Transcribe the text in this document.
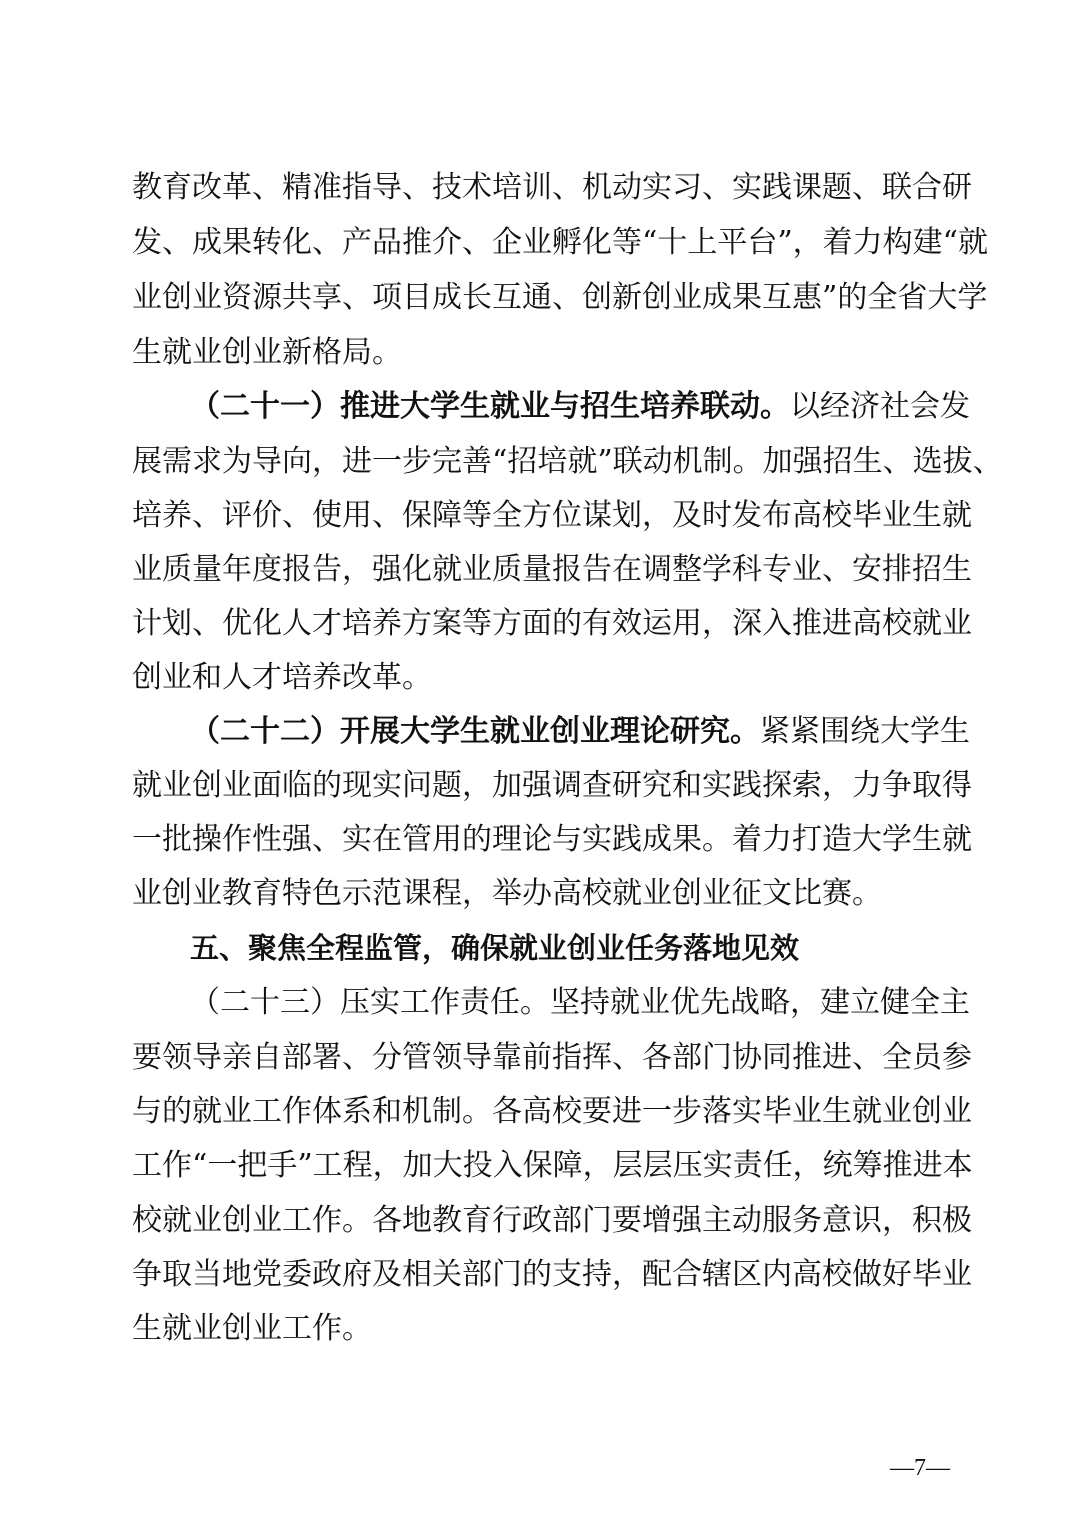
教育改革、精准指导、技术培训、机动实习、实践课题、联合研
发、成果转化、产品推介、企业孵化等“十上平台”，着力构建“就
业创业资源共享、项目成长互通、创新创业成果互惠”的全省大学
生就业创业新格局。
（二十一）推进大学生就业与招生培养联动。以经济社会发
展需求为导向，进一步完善“招培就”联动机制。加强招生、选拔、
培养、评价、使用、保障等全方位谋划，及时发布高校毕业生就
业质量年度报告，强化就业质量报告在调整学科专业、安排招生
计划、优化人才培养方案等方面的有效运用，深入推进高校就业
创业和人才培养改革。
（二十二）开展大学生就业创业理论研究。紧紧围绕大学生
就业创业面临的现实问题，加强调查研究和实践探索，力争取得
一批操作性强、实在管用的理论与实践成果。着力打造大学生就
业创业教育特色示范课程，举办高校就业创业征文比赛。
五、聚焦全程监管，确保就业创业任务落地见效
（二十三）压实工作责任。坚持就业优先战略，建立健全主
要领导亲自部署、分管领导靠前指挥、各部门协同推进、全员参
与的就业工作体系和机制。各高校要进一步落实毕业生就业创业
工作“一把手”工程，加大投入保障，层层压实责任，统筹推进本
校就业创业工作。各地教育行政部门要增强主动服务意识，积极
争取当地党委政府及相关部门的支持，配合辖区内高校做好毕业
生就业创业工作。
—7—
